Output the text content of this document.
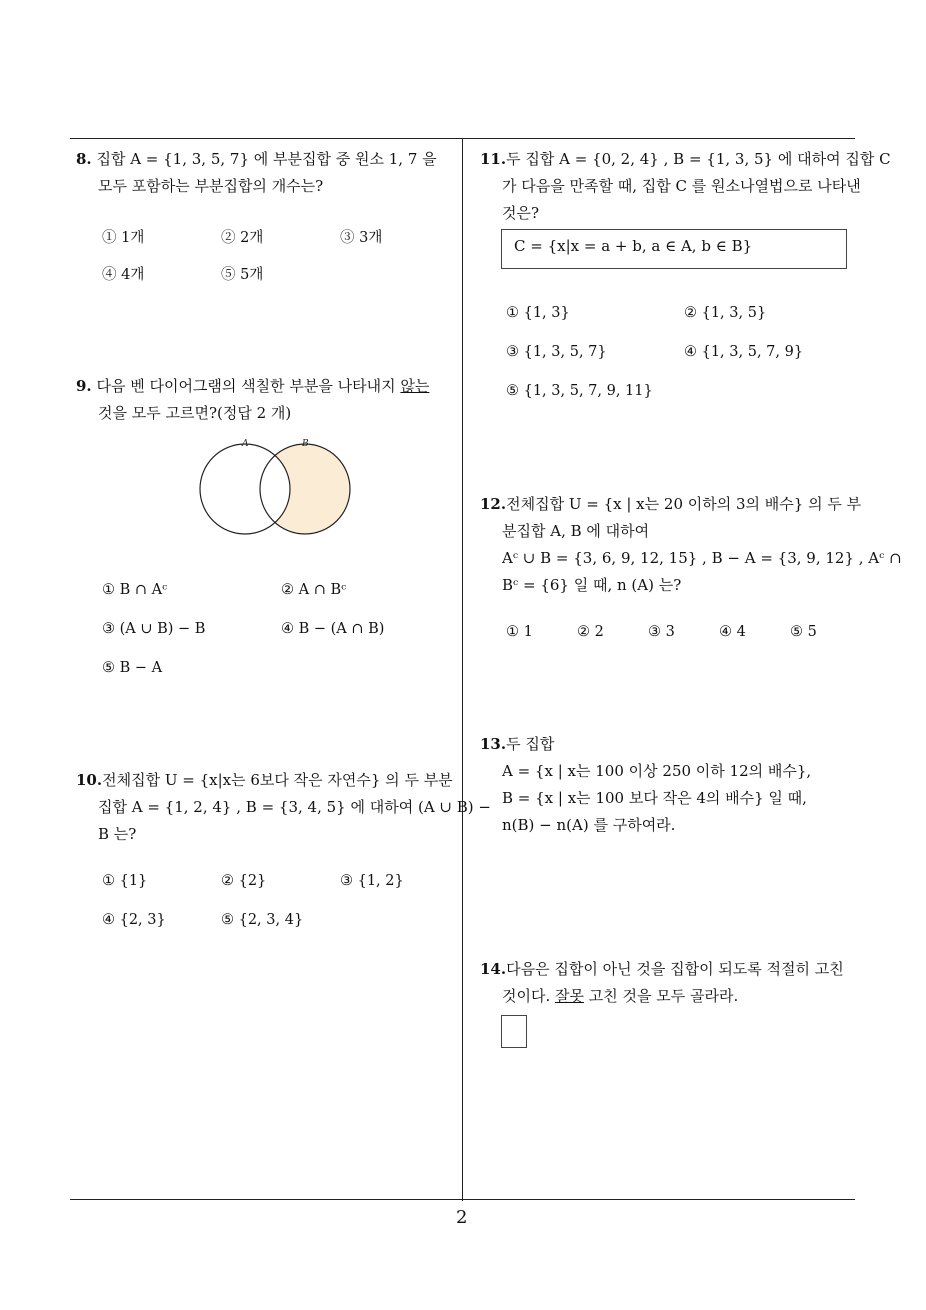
8. 집합 A = {1, 3, 5, 7} 에 부분집합 중 원소 1, 7 을
모두 포함하는 부분집합의 개수는?
① 1개	② 2개	③ 3개
④ 4개	⑤ 5개
9. 다음 벤 다이어그램의 색칠한 부분을 나타내지 않는
것을 모두 고르면?(정답 2 개)
A	B
① B ∩ Aᶜ	② A ∩ Bᶜ
③ (A ∪ B) − B	④ B − (A ∩ B)
⑤ B − A
10.전체집합 U = {x|x는 6보다 작은 자연수} 의 두 부분
집합 A = {1, 2, 4} , B = {3, 4, 5} 에 대하여 (A ∪ B) −
B 는?
① {1}	② {2}	③ {1, 2}
④ {2, 3}	⑤ {2, 3, 4}
11.두 집합 A = {0, 2, 4} , B = {1, 3, 5} 에 대하여 집합 C
가 다음을 만족할 때, 집합 C 를 원소나열법으로 나타낸
것은?
C = {x|x = a + b, a ∈ A, b ∈ B}
① {1, 3}	② {1, 3, 5}
③ {1, 3, 5, 7}	④ {1, 3, 5, 7, 9}
⑤ {1, 3, 5, 7, 9, 11}
12.전체집합 U = {x | x는 20 이하의 3의 배수} 의 두 부
분집합 A, B 에 대하여
Aᶜ ∪ B = {3, 6, 9, 12, 15} , B − A = {3, 9, 12} , Aᶜ ∩
Bᶜ = {6} 일 때, n (A) 는?
① 1	② 2	③ 3	④ 4	⑤ 5
13.두 집합
A = {x | x는 100 이상 250 이하 12의 배수},
B = {x | x는 100 보다 작은 4의 배수} 일 때,
n(B) − n(A) 를 구하여라.
14.다음은 집합이 아닌 것을 집합이 되도록 적절히 고친
것이다. 잘못 고친 것을 모두 골라라.
2
